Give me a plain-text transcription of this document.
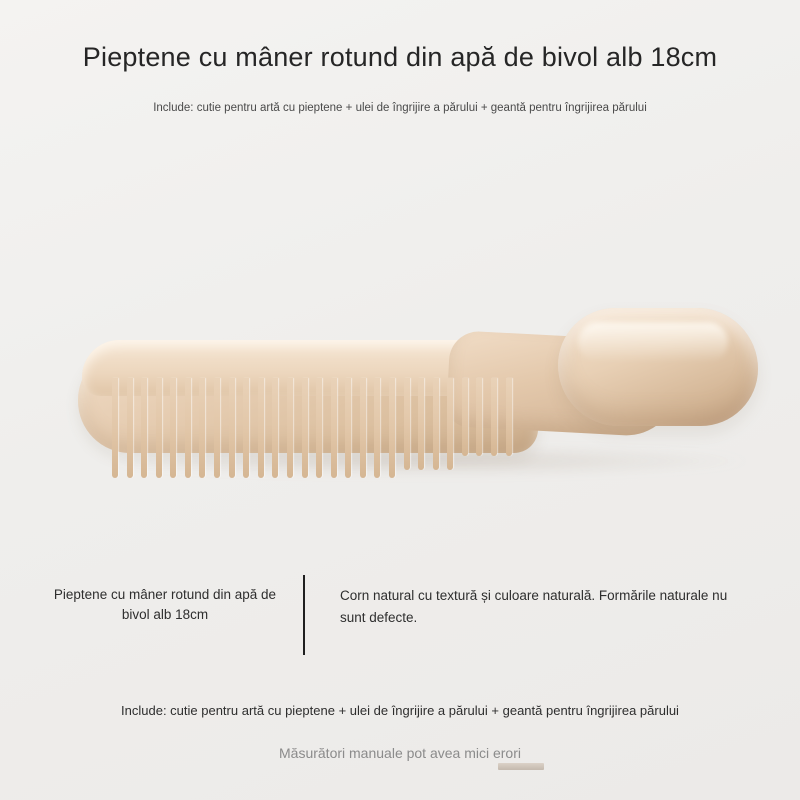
Pieptene cu mâner rotund din apă de bivol alb 18cm
Include: cutie pentru artă cu pieptene + ulei de îngrijire a părului + geantă pentru îngrijirea părului
Pieptene cu mâner rotund din apă de bivol alb 18cm
Corn natural cu textură și culoare naturală. Formările naturale nu sunt defecte.
Include: cutie pentru artă cu pieptene + ulei de îngrijire a părului + geantă pentru îngrijirea părului
Măsurători manuale pot avea mici erori
